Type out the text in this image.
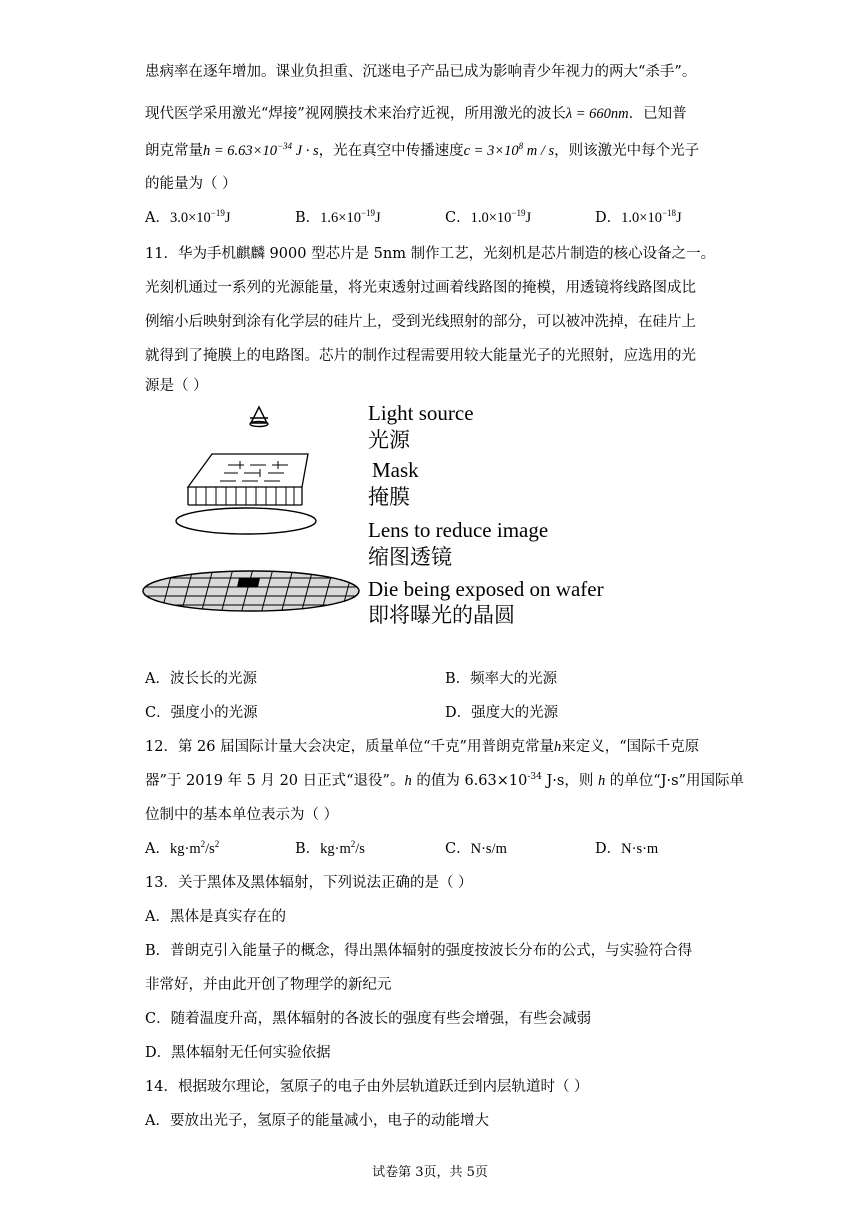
患病率在逐年增加。课业负担重、沉迷电子产品已成为影响青少年视力的两大“杀手”。
现代医学采用激光“焊接”视网膜技术来治疗近视，所用激光的波长λ = 660nm．已知普
朗克常量$h = 6.63\times 10^{-34}$ J · s，光在真空中传播速度$c = 3\times 10^8$ m / s，则该激光中每个光子
的能量为（ ）
A．$3.0\times 10^{-19}J$	B．$1.6\times 10^{-19}J$	C．$1.0\times 10^{-19}J$	D．$1.0\times 10^{-18}J$
11．华为手机麒麟 9000 型芯片是 5nm 制作工艺，光刻机是芯片制造的核心设备之一。
光刻机通过一系列的光源能量，将光束透射过画着线路图的掩模，用透镜将线路图成比
例缩小后映射到涂有化学层的硅片上，受到光线照射的部分，可以被冲洗掉，在硅片上
就得到了掩膜上的电路图。芯片的制作过程需要用较大能量光子的光照射，应选用的光
源是（ ）
Light source
光源
Mask
掩膜
Lens to reduce image
缩图透镜
Die being exposed on wafer
即将曝光的晶圆
A．波长长的光源	B．频率大的光源
C．强度小的光源	D．强度大的光源
12．第 26 届国际计量大会决定，质量单位“千克”用普朗克常量h来定义，“国际千克原
器”于 2019 年 5 月 20 日正式“退役”。h 的值为 $6.63\times 10^{-34}$ J·s，则 h 的单位“J·s”用国际单
位制中的基本单位表示为（ ）
A．$kg\cdot m^2/s^2$	B．$kg\cdot m^2/s$	C．N·s/m	D．N·s·m
13．关于黑体及黑体辐射，下列说法正确的是（ ）
A．黑体是真实存在的
B．普朗克引入能量子的概念，得出黑体辐射的强度按波长分布的公式，与实验符合得
非常好，并由此开创了物理学的新纪元
C．随着温度升高，黑体辐射的各波长的强度有些会增强，有些会减弱
D．黑体辐射无任何实验依据
14．根据玻尔理论，氢原子的电子由外层轨道跃迁到内层轨道时（ ）
A．要放出光子，氢原子的能量减小，电子的动能增大
试卷第 3页，共 5页
